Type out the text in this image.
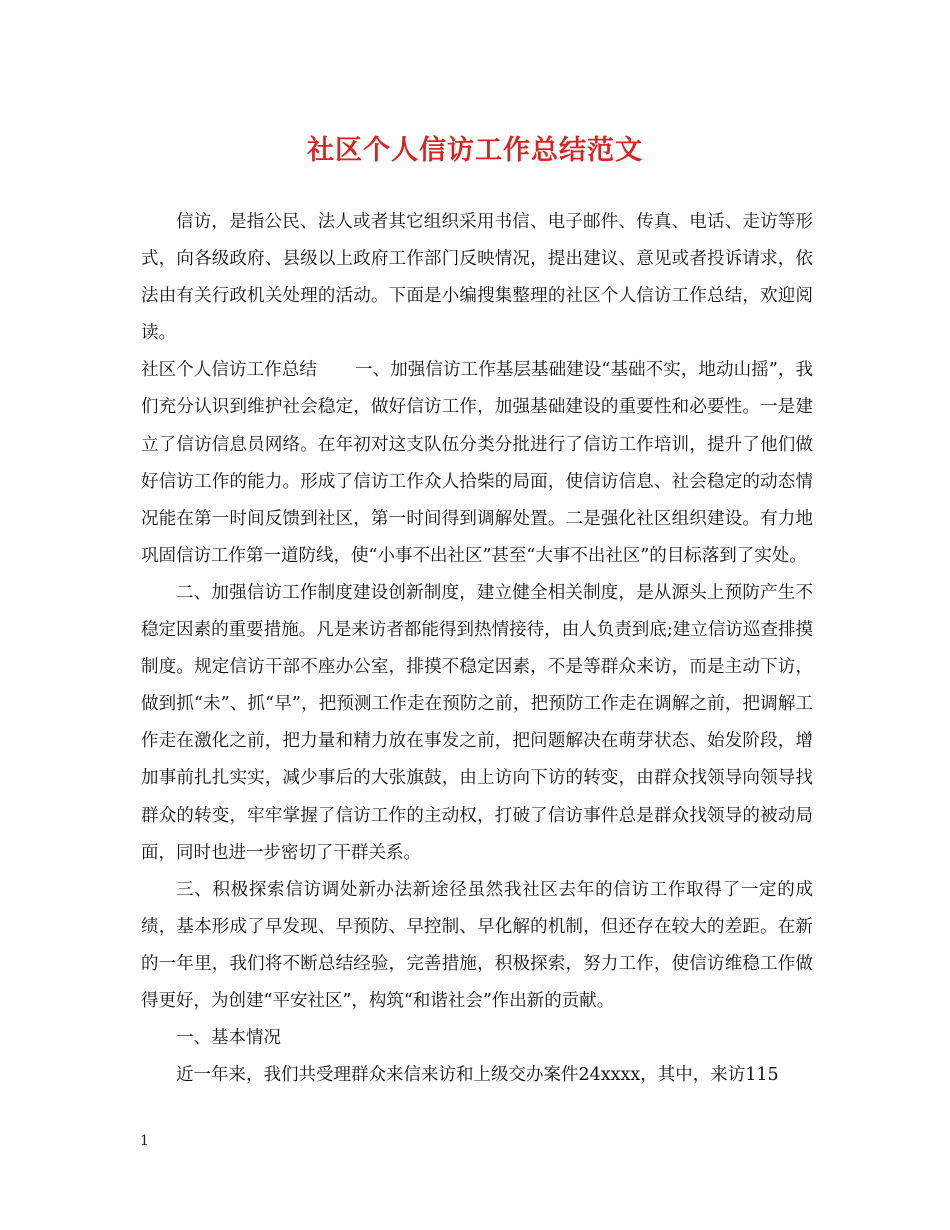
社区个人信访工作总结范文
信访，是指公民、法人或者其它组织采用书信、电子邮件、传真、电话、走访等形式，向各级政府、县级以上政府工作部门反映情况，提出建议、意见或者投诉请求，依法由有关行政机关处理的活动。下面是小编搜集整理的社区个人信访工作总结，欢迎阅读。
社区个人信访工作总结 一、加强信访工作基层基础建设“基础不实，地动山摇”，我们充分认识到维护社会稳定，做好信访工作，加强基础建设的重要性和必要性。一是建立了信访信息员网络。在年初对这支队伍分类分批进行了信访工作培训，提升了他们做好信访工作的能力。形成了信访工作众人拾柴的局面，使信访信息、社会稳定的动态情况能在第一时间反馈到社区，第一时间得到调解处置。二是强化社区组织建设。有力地巩固信访工作第一道防线，使“小事不出社区”甚至“大事不出社区”的目标落到了实处。
二、加强信访工作制度建设创新制度，建立健全相关制度，是从源头上预防产生不稳定因素的重要措施。凡是来访者都能得到热情接待，由人负责到底;建立信访巡查排摸制度。规定信访干部不座办公室，排摸不稳定因素，不是等群众来访，而是主动下访，做到抓“未”、抓“早”，把预测工作走在预防之前，把预防工作走在调解之前，把调解工作走在激化之前，把力量和精力放在事发之前，把问题解决在萌芽状态、始发阶段，增加事前扎扎实实，减少事后的大张旗鼓，由上访向下访的转变，由群众找领导向领导找群众的转变，牢牢掌握了信访工作的主动权，打破了信访事件总是群众找领导的被动局面，同时也进一步密切了干群关系。
三、积极探索信访调处新办法新途径虽然我社区去年的信访工作取得了一定的成绩，基本形成了早发现、早预防、早控制、早化解的机制，但还存在较大的差距。在新的一年里，我们将不断总结经验，完善措施，积极探索，努力工作，使信访维稳工作做得更好，为创建“平安社区”，构筑“和谐社会”作出新的贡献。
一、基本情况
近一年来，我们共受理群众来信来访和上级交办案件24xxxx，其中，来访115
1
